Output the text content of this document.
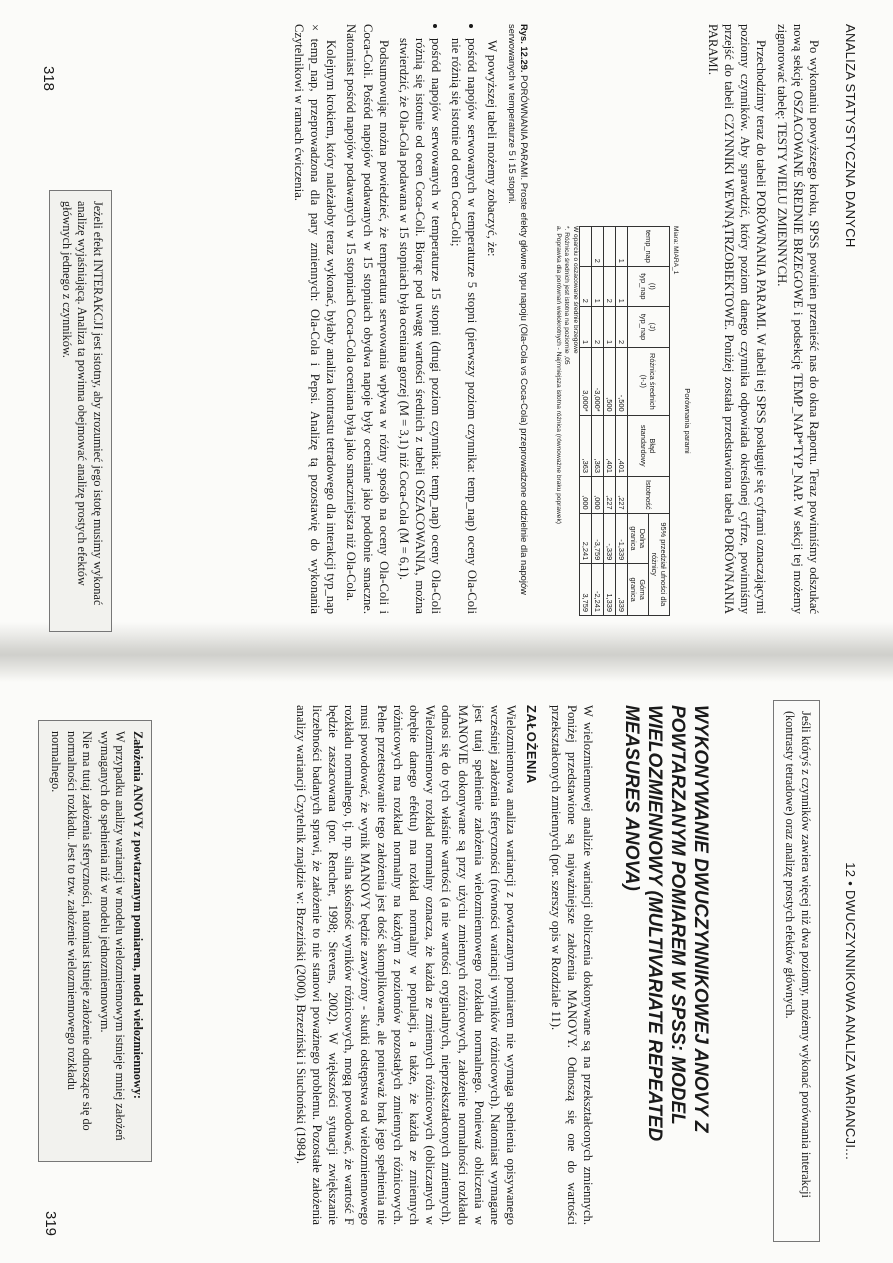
318
319
ANALIZA STATYSTYCZNA DANYCH

Po wykonaniu powyższego kroku, SPSS powinien przenieść nas do okna Raportu. Teraz powinniśmy odszukać nową sekcję OSZACOWANE ŚREDNIE BRZEGOWE i podsekcję TEMP_NAP*TYP_NAP. W sekcji tej możemy zignorować tabelę: TESTY WIELU ZMIENNYCH.

Przechodzimy teraz do tabeli PORÓWNANIA PARAMI. W tabeli tej SPSS posługuje się cyframi oznaczającymi poziomy czynników. Aby sprawdzić, który poziom danego czynnika odpowiada określonej cyfrze, powinniśmy przejść do tabeli CZYNNIKI WEWNĄTRZOBIEKTOWE. Poniżej została przedstawiona tabela PORÓWNANIA PARAMI.

Porównania parami
Miara: MIARA_1
temp_nap	(I) typ_nap	(J) typ_nap	Różnica średnich (I-J)	Błąd standardowy	Istotność	95% przedział ufności dla różnicy	
						Dolna granica	Górna granica
1	1	2	-,500	,401	,227	-1,339	,339
	2	1	,500	,401	,227	-,339	1,339
2	1	2	-3,000*	,363	,000	-3,759	-2,241
	2	1	3,000*	,363	,000	2,241	3,759
W oparciu o oszacowane średnie brzegowe
*. Różnica średnich jest istotna na poziomie ,05
a. Poprawka dla porównań wielokrotnych - Najmniejsza istotna różnica (równoważne braku poprawek)
Rys. 12.29. PORÓWNANIA PARAMI. Proste efekty główne typu napoju (Ola-Cola vs Coca-Cola) przeprowadzone oddzielnie dla napojów serwowanych w temperaturze 5 i 15 stopni.

W powyższej tabeli możemy zobaczyć, że:

• pośród napojów serwowanych w temperaturze 5 stopni (pierwszy poziom czynnika: temp_nap) oceny Ola-Coli nie różnią się istotnie od ocen Coca-Coli;
• pośród napojów serwowanych w temperaturze 15 stopni (drugi poziom czynnika: temp_nap) oceny Ola-Coli różnią się istotnie od ocen Coca-Coli. Biorąc pod uwagę wartości średnich z tabeli OSZACOWANIA, można stwierdzić, że Ola-Cola podawana w 15 stopniach była oceniana gorzej (M = 3,1) niż Coca-Cola (M = 6,1).

Podsumowując można powiedzieć, że temperatura serwowania wpływa w różny sposób na oceny Ola-Coli i Coca-Coli. Pośród napojów podawanych w 15 stopniach obydwa napoje były oceniane jako podobnie smaczne. Natomiast pośród napojów podawanych w 15 stopniach Coca-Cola oceniana była jako smaczniejsza niż Ola-Cola.

Kolejnym krokiem, który należałoby teraz wykonać, byłaby analiza kontrastu tetradowego dla interakcji typ_nap × temp_nap, przeprowadzona dla pary zmiennych: Ola-Cola i Pepsi. Analizę tą pozostawię do wykonania Czytelnikowi w ramach ćwiczenia.

Jeżeli efekt INTERAKCJI jest istotny, aby zrozumieć jego istotę musimy wykonać analizę wyjaśniającą. Analiza ta powinna obejmować analizę prostych efektów głównych jednego z czynników.

12 • DWUCZYNNIKOWA ANALIZA WARIANCJI...

Jeśli któryś z czynników zawiera więcej niż dwa poziomy, możemy wykonać porównania interakcji (kontrasty tetradowe) oraz analizę prostych efektów głównych.

WYKONYWANIE DWUCZYNNIKOWEJ ANOVY Z POWTARZANYM POMIAREM W SPSS: MODEL WIELOZMIENNOWY (MULTIVARIATE REPEATED MEASURES ANOVA)

W wielozmiennowej analizie wariancji obliczenia dokonywane są na przekształconych zmiennych. Poniżej przedstawione są najważniejsze założenia MANOVY. Odnoszą się one do wartości przekształconych zmiennych (por. szerszy opis w Rozdziale 11).

ZAŁOŻENIA

Wielozmiennowa analiza wariancji z powtarzanym pomiarem nie wymaga spełnienia opisywanego wcześniej założenia sferyczności (równości wariancji wyników różnicowych). Natomiast wymagane jest tutaj spełnienie założenia wielozmiennowego rozkładu normalnego. Ponieważ obliczenia w MANOVIE dokonywane są przy użyciu zmiennych różnicowych, założenie normalności rozkładu odnosi się do tych właśnie wartości (a nie wartości oryginalnych, nieprzekształconych zmiennych). Wielozmiennowy rozkład normalny oznacza, że każda ze zmiennych różnicowych (obliczanych w obrębie danego efektu) ma rozkład normalny w populacji, a także, że każda ze zmiennych różnicowych ma rozkład normalny na każdym z poziomów pozostałych zmiennych różnicowych. Pełne przetestowanie tego założenia jest dość skomplikowane, ale ponieważ brak jego spełnienia nie musi powodować, że wynik MANOVY będzie zawyżony - skutki odstępstwa od wielozmiennowego rozkładu normalnego, tj. np. silna skośność wyników różnicowych, mogą powodować, że wartość F będzie zaszacowana (por. Rencher, 1998; Stevens, 2002). W większości sytuacji zwiększanie liczebności badanych sprawi, że założenie to nie stanowi poważnego problemu. Pozostałe założenia analizy wariancji Czytelnik znajdzie w: Brzeziński (2000), Brzeziński i Siuchoński (1984).

Założenia ANOVY z powtarzanym pomiarem, model wielozmiennowy:

W przypadku analizy wariancji w modelu wielozmiennowym istnieje mniej założeń wymaganych do spełnienia niż w modelu jednozmiennowym.

Nie ma tutaj założenia sferyczności, natomiast istnieje założenie odnoszące się do normalności rozkładu. Jest to tzw. założenie wielozmiennowego rozkładu normalnego.
